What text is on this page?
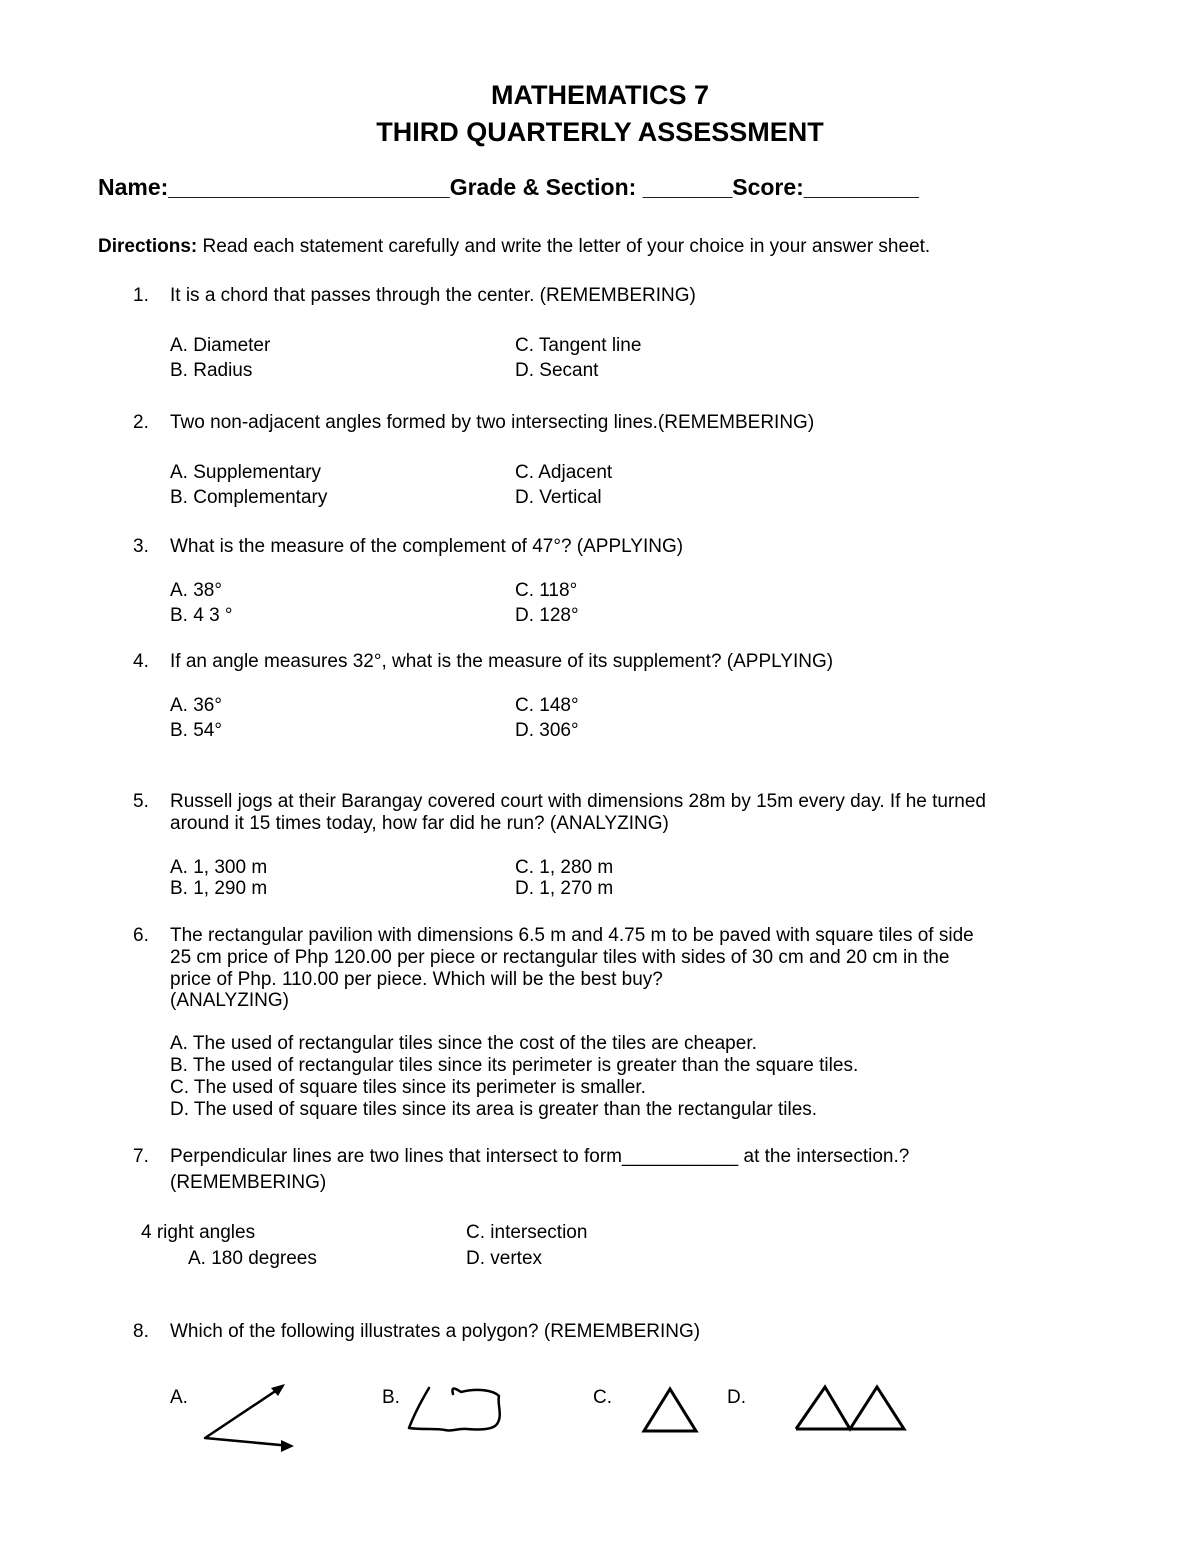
MATHEMATICS 7
THIRD QUARTERLY ASSESSMENT
Name:______________________Grade & Section: _______Score:_________
Directions: Read each statement carefully and write the letter of your choice in your answer sheet.
1. It is a chord that passes through the center. (REMEMBERING)
A. Diameter
B. Radius
C. Tangent line
D. Secant
2. Two non-adjacent angles formed by two intersecting lines.(REMEMBERING)
A. Supplementary
B. Complementary
C. Adjacent
D. Vertical
3. What is the measure of the complement of 47°? (APPLYING)
A. 38°
B. 4 3 °
C. 118°
D. 128°
4. If an angle measures 32°, what is the measure of its supplement? (APPLYING)
A. 36°
B. 54°
C. 148°
D. 306°
5. Russell jogs at their Barangay covered court with dimensions 28m by 15m every day. If he turned
around it 15 times today, how far did he run? (ANALYZING)
A. 1, 300 m
B. 1, 290 m
C. 1, 280 m
D. 1, 270 m
6. The rectangular pavilion with dimensions 6.5 m and 4.75 m to be paved with square tiles of side
25 cm price of Php 120.00 per piece or rectangular tiles with sides of 30 cm and 20 cm in the
price of Php. 110.00 per piece. Which will be the best buy?
(ANALYZING)
A. The used of rectangular tiles since the cost of the tiles are cheaper.
B. The used of rectangular tiles since its perimeter is greater than the square tiles.
C. The used of square tiles since its perimeter is smaller.
D. The used of square tiles since its area is greater than the rectangular tiles.
7. Perpendicular lines are two lines that intersect to form___________ at the intersection.?
(REMEMBERING)
4 right angles
A. 180 degrees
C. intersection
D. vertex
8. Which of the following illustrates a polygon? (REMEMBERING)
A.	B.	C.	D.
